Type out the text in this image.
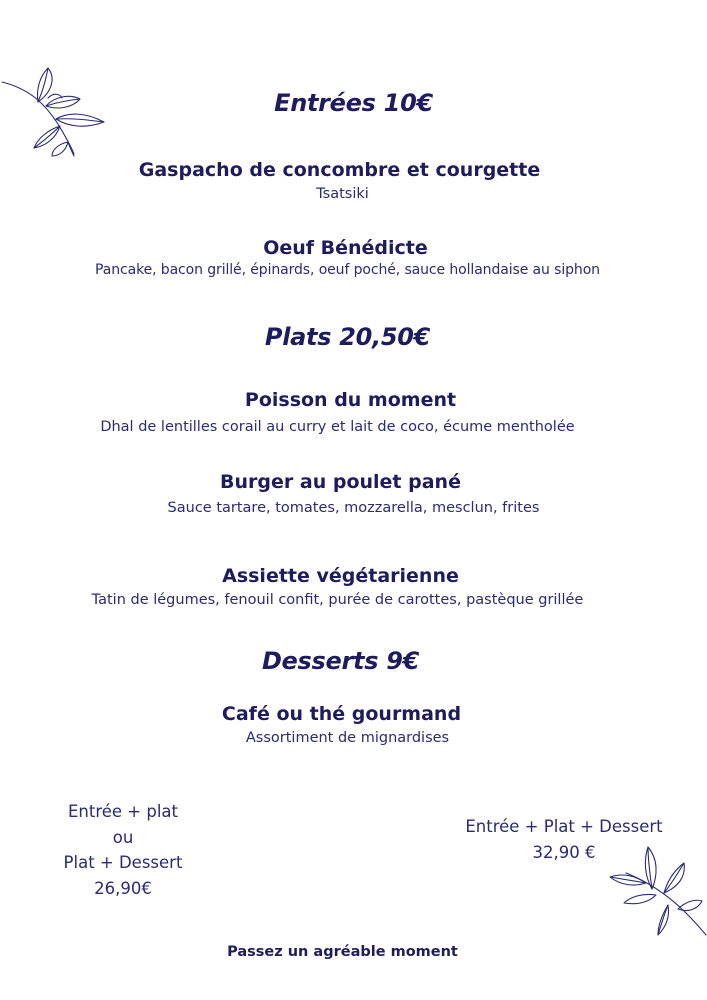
Entrées 10€
Gaspacho de concombre et courgette
Tsatsiki
Oeuf Bénédicte
Pancake, bacon grillé, épinards, oeuf poché, sauce hollandaise au siphon
Plats 20,50€
Poisson du moment
Dhal de lentilles corail au curry et lait de coco, écume mentholée
Burger au poulet pané
Sauce tartare, tomates, mozzarella, mesclun, frites
Assiette végétarienne
Tatin de légumes, fenouil confit, purée de carottes, pastèque grillée
Desserts 9€
Café ou thé gourmand
Assortiment de mignardises
Entrée + plat
ou
Plat + Dessert
26,90€
Entrée + Plat + Dessert
32,90 €
Passez un agréable moment
